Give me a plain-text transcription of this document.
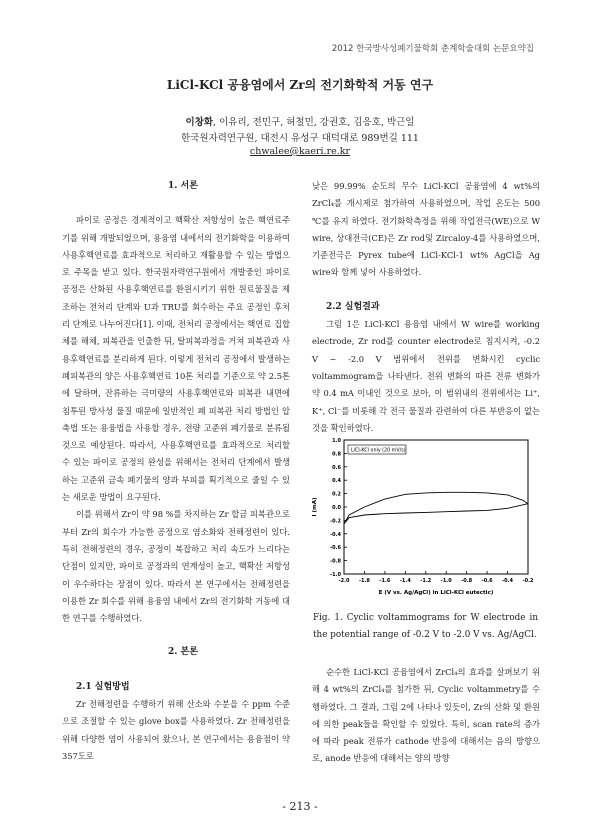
2012 한국방사성폐기물학회 춘계학술대회 논문요약집
LiCl-KCl 공융염에서 Zr의 전기화학적 거동 연구
이창화, 이유리, 전민구, 허철민, 강권호, 김응호, 박근일
한국원자력연구원, 대전시 유성구 대덕대로 989번길 111
chwalee@kaeri.re.kr

1. 서론

파이로 공정은 경제적이고 핵확산 저항성이 높은 핵연료주기를 위해 개발되었으며, 용융염 내에서의 전기화학을 이용하여 사용후핵연료를 효과적으로 처리하고 재활용할 수 있는 방법으로 주목을 받고 있다. 한국원자력연구원에서 개발중인 파이로 공정은 산화된 사용후핵연료를 환원시키기 위한 원료물질을 제조하는 전처리 단계와 U과 TRU를 회수하는 주요 공정인 후처리 단계로 나누어진다[1]. 이때, 전처리 공정에서는 핵연료 집합체를 해체, 피복관을 인출한 뒤, 탈피복과정을 거쳐 피복관과 사용후핵연료를 분리하게 된다. 이렇게 전처리 공정에서 발생하는 폐피복관의 양은 사용후핵연료 10톤 처리를 기준으로 약 2.5톤에 달하며, 잔류하는 극미량의 사용후핵연료와 피복관 내면에 침투된 방사성 물질 때문에 일반적인 폐 피복관 처리 방법인 압축법 또는 용융법을 사용할 경우, 전량 고준위 폐기물로 분류될 것으로 예상된다. 따라서, 사용후핵연료를 효과적으로 처리할 수 있는 파이로 공정의 완성을 위해서는 전처리 단계에서 발생하는 고준위 금속 폐기물의 양과 부피를 획기적으로 줄일 수 있는 새로운 방법이 요구된다.

이를 위해서 Zr이 약 98 %를 차지하는 Zr 합금 피복관으로부터 Zr의 회수가 가능한 공정으로 염소화와 전해정련이 있다. 특히 전해정련의 경우, 공정이 복잡하고 처리 속도가 느리다는 단점이 있지만, 파이로 공정과의 연계성이 높고, 핵확산 저항성이 우수하다는 장점이 있다. 따라서 본 연구에서는 전해정련을 이용한 Zr 회수를 위해 용융염 내에서 Zr의 전기화학 거동에 대한 연구를 수행하였다.

2. 본론

2.1 실험방법

Zr 전해정련을 수행하기 위해 산소와 수분을 수 ppm 수준으로 조절할 수 있는 glove box를 사용하였다. Zr 전해정련을 위해 다양한 염이 사용되어 왔으나, 본 연구에서는 용융점이 약 357도로

낮은 99.99% 순도의 무수 LiCl-KCl 공융염에 4 wt%의 ZrCl₄를 개시제로 첨가하여 사용하였으며, 작업 온도는 500 ℃를 유지 하였다. 전기화학측정을 위해 작업전극(WE)으로 W wire, 상대전극(CE)은 Zr rod및 Zircaloy-4를 사용하였으며, 기준전극은 Pyrex tube에 LiCl-KCl-1 wt% AgCl을 Ag wire와 함께 넣어 사용하였다.

2.2 실험결과

그림 1은 LiCl-KCl 용융염 내에서 W wire를 working electrode, Zr rod를 counter electrode로 침지시켜, -0.2 V ~ -2.0 V 범위에서 전위를 변화시킨 cyclic voltammogram을 나타낸다. 전위 변화의 따른 전류 변화가 약 0.4 mA 이내인 것으로 보아, 이 범위내의 전위에서는 Li⁺, K⁺, Cl⁻를 비롯해 각 전극 물질과 관련하여 다른 부반응이 없는 것을 확인하였다.

1.0
0.8
0.6
0.4
0.2
0.0
-0.2
-0.4
-0.6
-0.8
-1.0
-2.0 -1.8 -1.6 -1.4 -1.2 -1.0 -0.8 -0.6 -0.4 -0.2
E (V vs. Ag/AgCl) in LiCl-KCl eutectic)
I (mA)
LiCl-KCl only (20 mV/s)
Fig. 1. Cyclic voltammograms for W electrode in the potential range of -0.2 V to -2.0 V vs. Ag/AgCl.

순수한 LiCl-KCl 공융염에서 ZrCl₄의 효과를 살펴보기 위해 4 wt%의 ZrCl₄를 첨가한 뒤, Cyclic voltammetry를 수행하였다. 그 결과, 그림 2에 나타나 있듯이, Zr의 산화 및 환원에 의한 peak들을 확인할 수 있었다. 특히, scan rate의 증가에 따라 peak 전류가 cathode 반응에 대해서는 음의 방향으로, anode 반응에 대해서는 양의 방향

- 213 -
